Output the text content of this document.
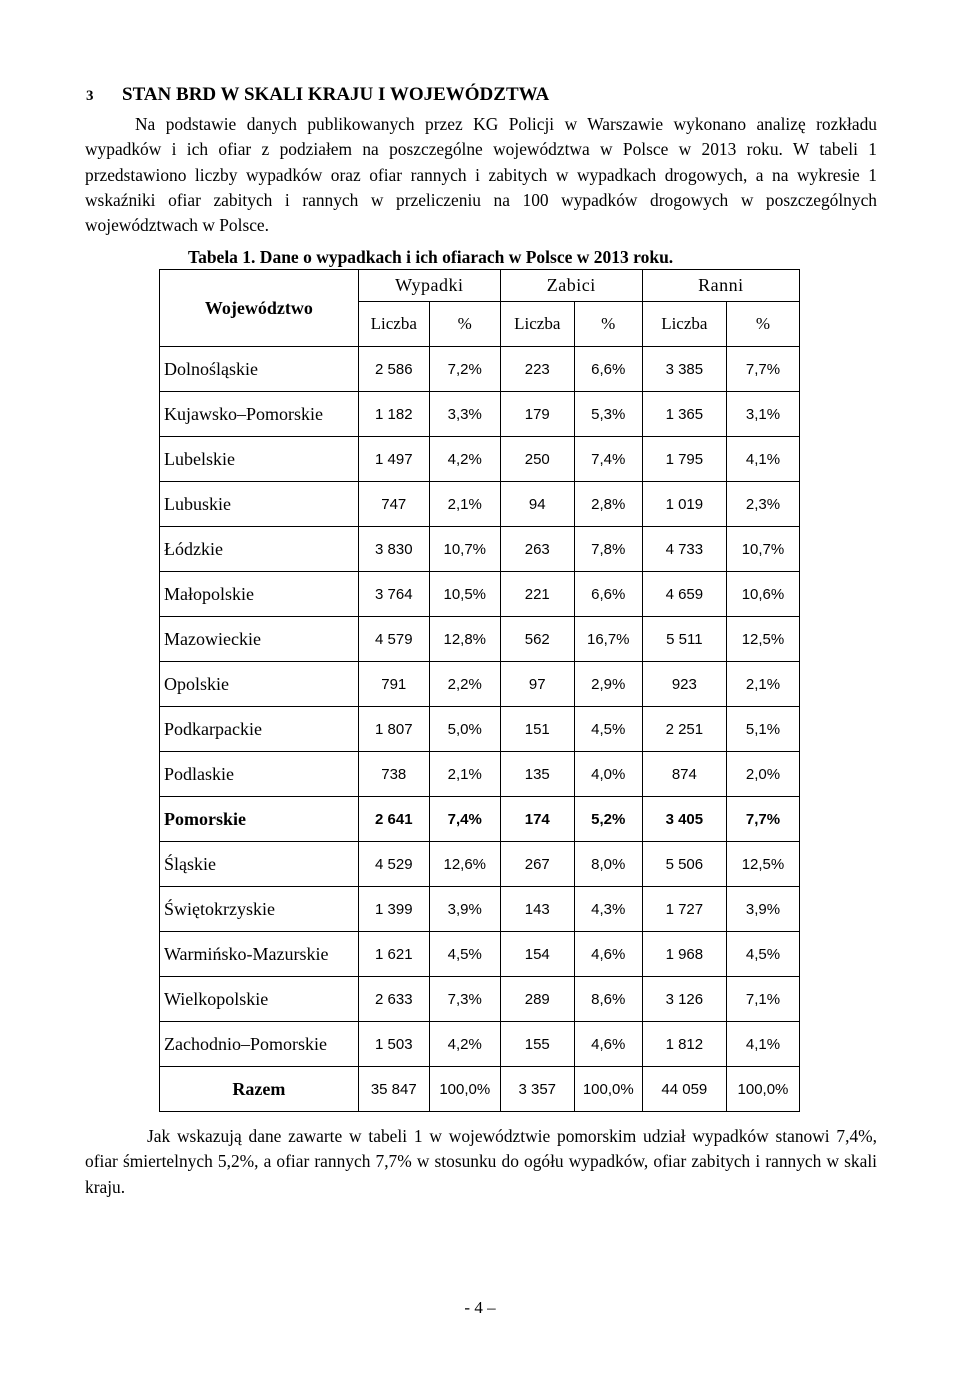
3 STAN BRD W SKALI KRAJU I WOJEWÓDZTWA

Na podstawie danych publikowanych przez KG Policji w Warszawie wykonano analizę rozkładu wypadków i ich ofiar z podziałem na poszczególne województwa w Polsce w 2013 roku. W tabeli 1 przedstawiono liczby wypadków oraz ofiar rannych i zabitych w wypadkach drogowych, a na wykresie 1 wskaźniki ofiar zabitych i rannych w przeliczeniu na 100 wypadków drogowych w poszczególnych województwach w Polsce.

Tabela 1. Dane o wypadkach i ich ofiarach w Polsce w 2013 roku.
Województwo	Wypadki		Zabici		Ranni	
	Liczba	%	Liczba	%	Liczba	%
Dolnośląskie	2 586	7,2%	223	6,6%	3 385	7,7%
Kujawsko–Pomorskie	1 182	3,3%	179	5,3%	1 365	3,1%
Lubelskie	1 497	4,2%	250	7,4%	1 795	4,1%
Lubuskie	747	2,1%	94	2,8%	1 019	2,3%
Łódzkie	3 830	10,7%	263	7,8%	4 733	10,7%
Małopolskie	3 764	10,5%	221	6,6%	4 659	10,6%
Mazowieckie	4 579	12,8%	562	16,7%	5 511	12,5%
Opolskie	791	2,2%	97	2,9%	923	2,1%
Podkarpackie	1 807	5,0%	151	4,5%	2 251	5,1%
Podlaskie	738	2,1%	135	4,0%	874	2,0%
Pomorskie	2 641	7,4%	174	5,2%	3 405	7,7%
Śląskie	4 529	12,6%	267	8,0%	5 506	12,5%
Świętokrzyskie	1 399	3,9%	143	4,3%	1 727	3,9%
Warmińsko-Mazurskie	1 621	4,5%	154	4,6%	1 968	4,5%
Wielkopolskie	2 633	7,3%	289	8,6%	3 126	7,1%
Zachodnio–Pomorskie	1 503	4,2%	155	4,6%	1 812	4,1%
Razem	35 847	100,0%	3 357	100,0%	44 059	100,0%

Jak wskazują dane zawarte w tabeli 1 w województwie pomorskim udział wypadków stanowi 7,4%, ofiar śmiertelnych 5,2%, a ofiar rannych 7,7% w stosunku do ogółu wypadków, ofiar zabitych i rannych w skali kraju.

- 4 –
